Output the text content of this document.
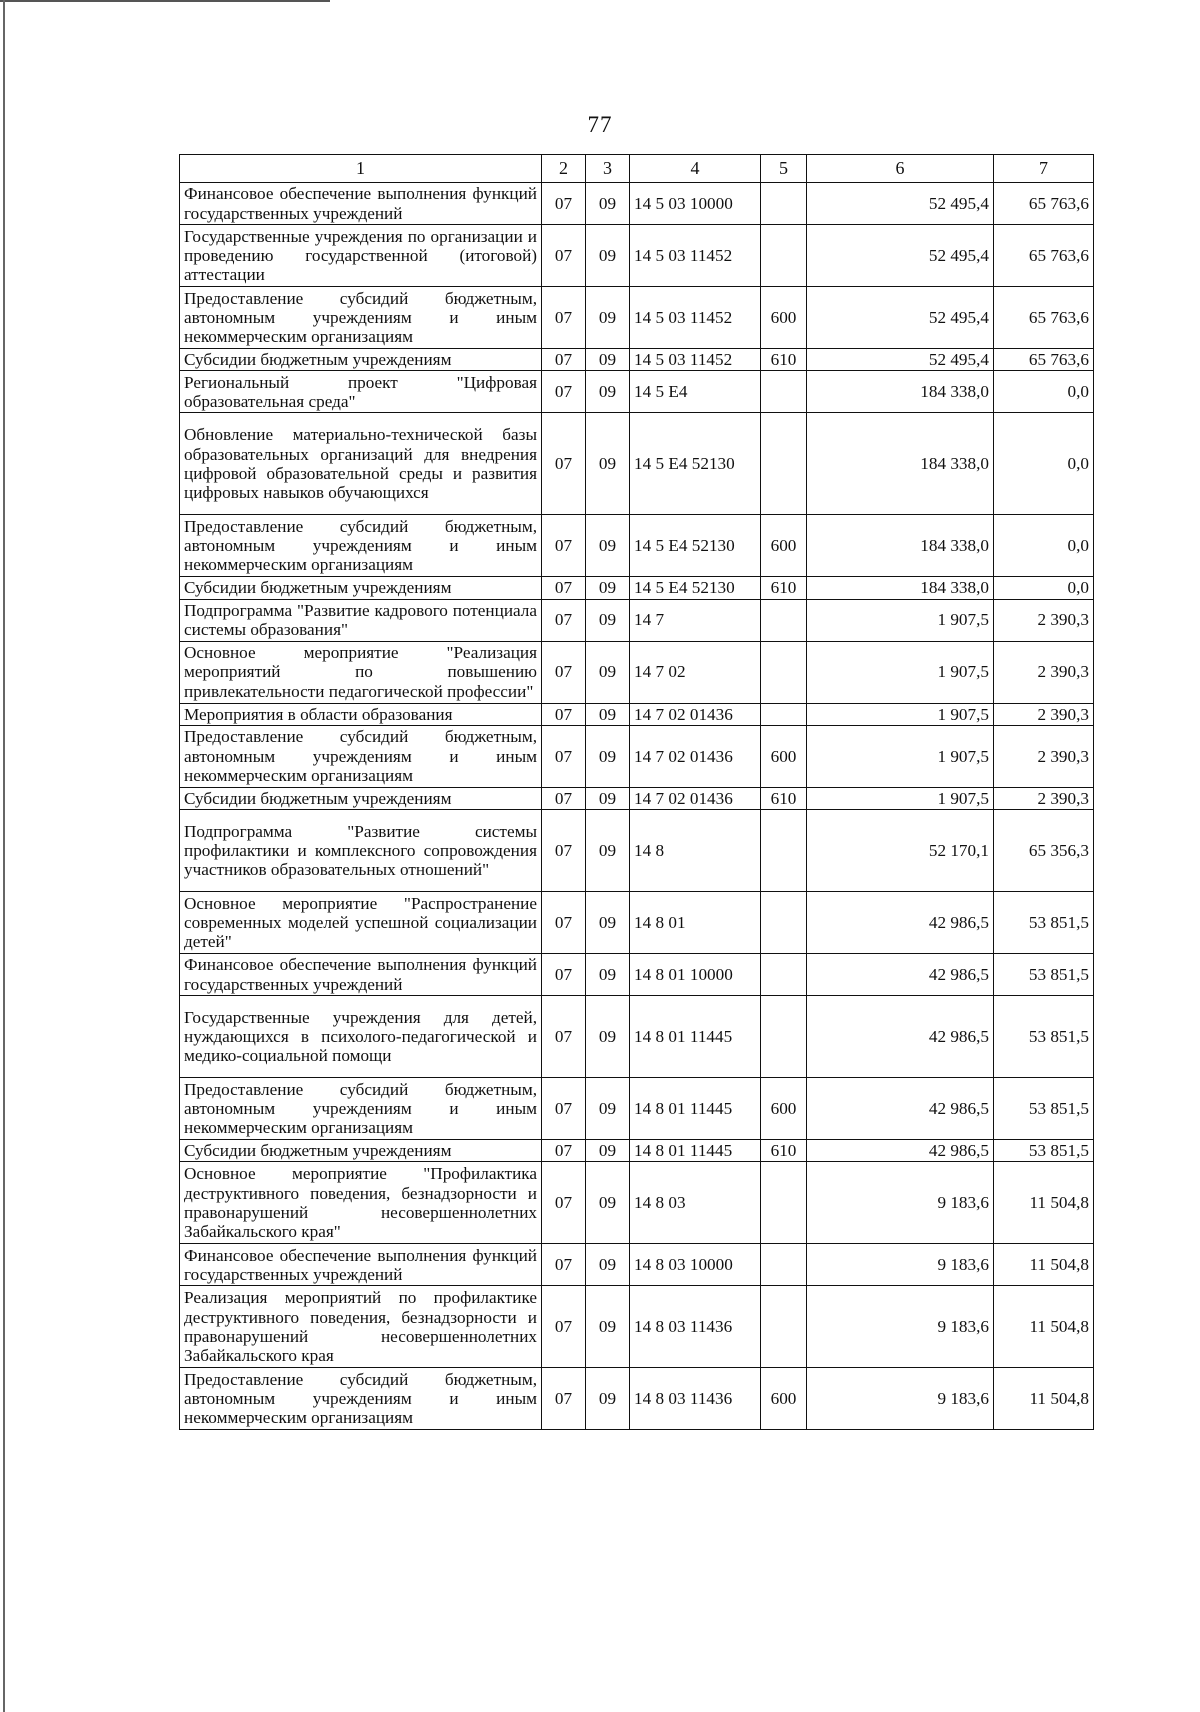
77
1	2	3	4	5	6	7
Финансовое обеспечение выполнения функций государственных учреждений	07	09	14 5 03 10000		52 495,4	65 763,6
Государственные учреждения по организации и проведению государственной (итоговой) аттестации	07	09	14 5 03 11452		52 495,4	65 763,6
Предоставление субсидий бюджетным, автономным учреждениям и иным некоммерческим организациям	07	09	14 5 03 11452	600	52 495,4	65 763,6
Субсидии бюджетным учреждениям	07	09	14 5 03 11452	610	52 495,4	65 763,6
Региональный проект "Цифровая образовательная среда"	07	09	14 5 E4		184 338,0	0,0
Обновление материально-технической базы образовательных организаций для внедрения цифровой образовательной среды и развития цифровых навыков обучающихся	07	09	14 5 E4 52130		184 338,0	0,0
Предоставление субсидий бюджетным, автономным учреждениям и иным некоммерческим организациям	07	09	14 5 E4 52130	600	184 338,0	0,0
Субсидии бюджетным учреждениям	07	09	14 5 E4 52130	610	184 338,0	0,0
Подпрограмма "Развитие кадрового потенциала системы образования"	07	09	14 7		1 907,5	2 390,3
Основное мероприятие "Реализация мероприятий по повышению привлекательности педагогической профессии"	07	09	14 7 02		1 907,5	2 390,3
Мероприятия в области образования	07	09	14 7 02 01436		1 907,5	2 390,3
Предоставление субсидий бюджетным, автономным учреждениям и иным некоммерческим организациям	07	09	14 7 02 01436	600	1 907,5	2 390,3
Субсидии бюджетным учреждениям	07	09	14 7 02 01436	610	1 907,5	2 390,3
Подпрограмма "Развитие системы профилактики и комплексного сопровождения участников образовательных отношений"	07	09	14 8		52 170,1	65 356,3
Основное мероприятие "Распространение современных моделей успешной социализации детей"	07	09	14 8 01		42 986,5	53 851,5
Финансовое обеспечение выполнения функций государственных учреждений	07	09	14 8 01 10000		42 986,5	53 851,5
Государственные учреждения для детей, нуждающихся в психолого-педагогической и медико-социальной помощи	07	09	14 8 01 11445		42 986,5	53 851,5
Предоставление субсидий бюджетным, автономным учреждениям и иным некоммерческим организациям	07	09	14 8 01 11445	600	42 986,5	53 851,5
Субсидии бюджетным учреждениям	07	09	14 8 01 11445	610	42 986,5	53 851,5
Основное мероприятие "Профилактика деструктивного поведения, безнадзорности и правонарушений несовершеннолетних Забайкальского края"	07	09	14 8 03		9 183,6	11 504,8
Финансовое обеспечение выполнения функций государственных учреждений	07	09	14 8 03 10000		9 183,6	11 504,8
Реализация мероприятий по профилактике деструктивного поведения, безнадзорности и правонарушений несовершеннолетних Забайкальского края	07	09	14 8 03 11436		9 183,6	11 504,8
Предоставление субсидий бюджетным, автономным учреждениям и иным некоммерческим организациям	07	09	14 8 03 11436	600	9 183,6	11 504,8
